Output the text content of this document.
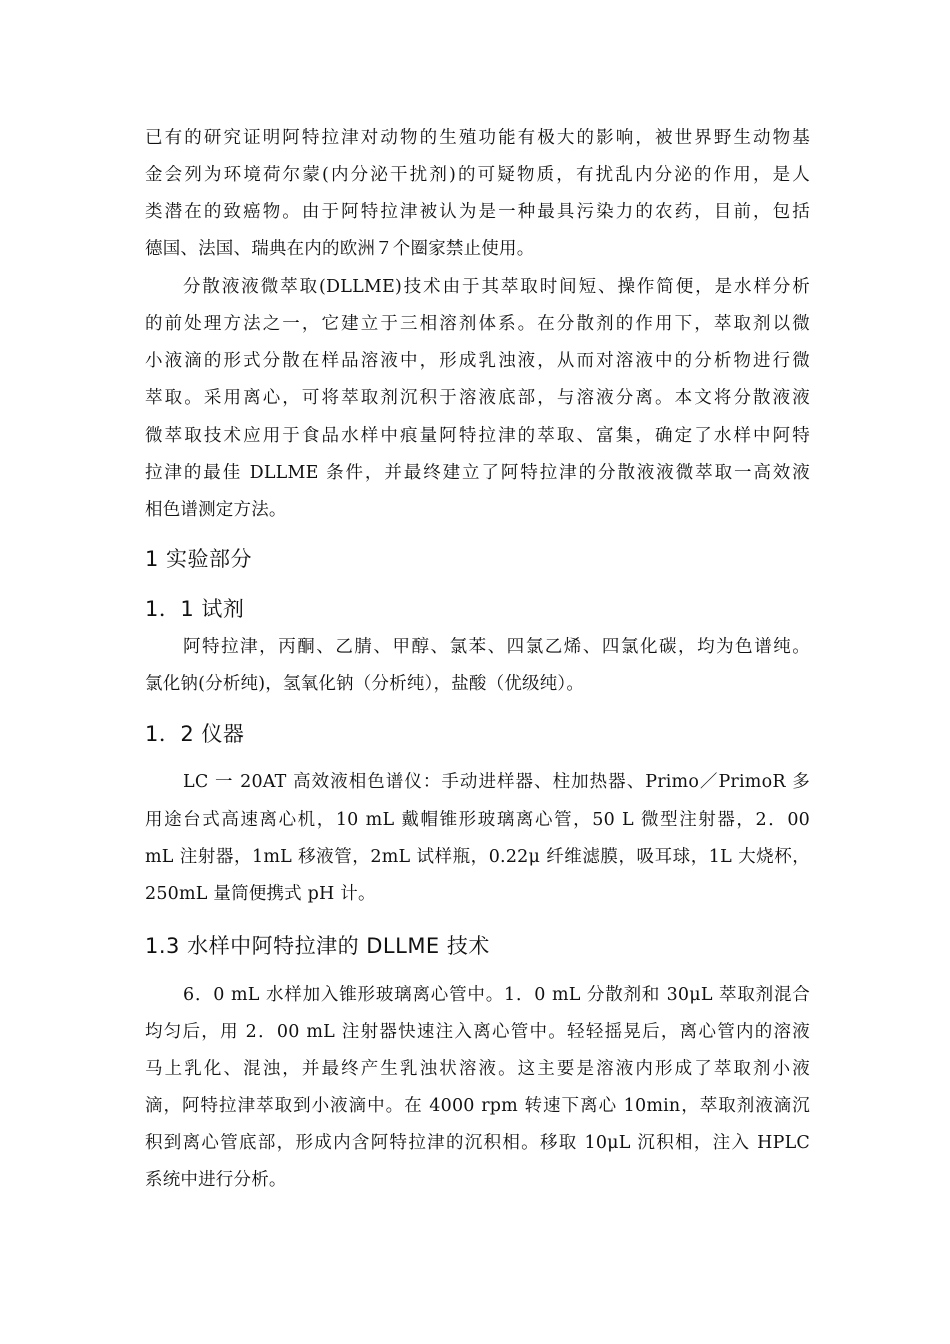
已有的研究证明阿特拉津对动物的生殖功能有极大的影响，被世界野生动物基
金会列为环境荷尔蒙(内分泌干扰剂)的可疑物质，有扰乱内分泌的作用，是人
类潜在的致癌物。由于阿特拉津被认为是一种最具污染力的农药，目前，包括
德国、法国、瑞典在内的欧洲７个圈家禁止使用。
分散液液微萃取(DLLME)技术由于其萃取时间短、操作简便，是水样分析
的前处理方法之一，它建立于三相溶剂体系。在分散剂的作用下，萃取剂以微
小液滴的形式分散在样品溶液中，形成乳浊液，从而对溶液中的分析物进行微
萃取。采用离心，可将萃取剂沉积于溶液底部，与溶液分离。本文将分散液液
微萃取技术应用于食品水样中痕量阿特拉津的萃取、富集，确定了水样中阿特
拉津的最佳 DLLME 条件，并最终建立了阿特拉津的分散液液微萃取一高效液
相色谱测定方法。
1 实验部分
1．1 试剂
阿特拉津，丙酮、乙腈、甲醇、氯苯、四氯乙烯、四氯化碳，均为色谱纯。
氯化钠(分析纯)，氢氧化钠（分析纯），盐酸（优级纯）。
1．2 仪器
LC 一 20AT 高效液相色谱仪：手动进样器、柱加热器、Primo／PrimoR 多
用途台式高速离心机，10 mL 戴帽锥形玻璃离心管，50 L 微型注射器，2．00
mL 注射器，1mL 移液管，2mL 试样瓶，0.22μ 纤维滤膜，吸耳球，1L 大烧杯，
250mL 量筒便携式 pH 计。
1.3 水样中阿特拉津的 DLLME 技术
6．0 mL 水样加入锥形玻璃离心管中。1．0 mL 分散剂和 30μL 萃取剂混合
均匀后，用 2．00 mL 注射器快速注入离心管中。轻轻摇晃后，离心管内的溶液
马上乳化、混浊，并最终产生乳浊状溶液。这主要是溶液内形成了萃取剂小液
滴，阿特拉津萃取到小液滴中。在 4000 rpm 转速下离心 10min，萃取剂液滴沉
积到离心管底部，形成内含阿特拉津的沉积相。移取 10μL 沉积相，注入 HPLC
系统中进行分析。
